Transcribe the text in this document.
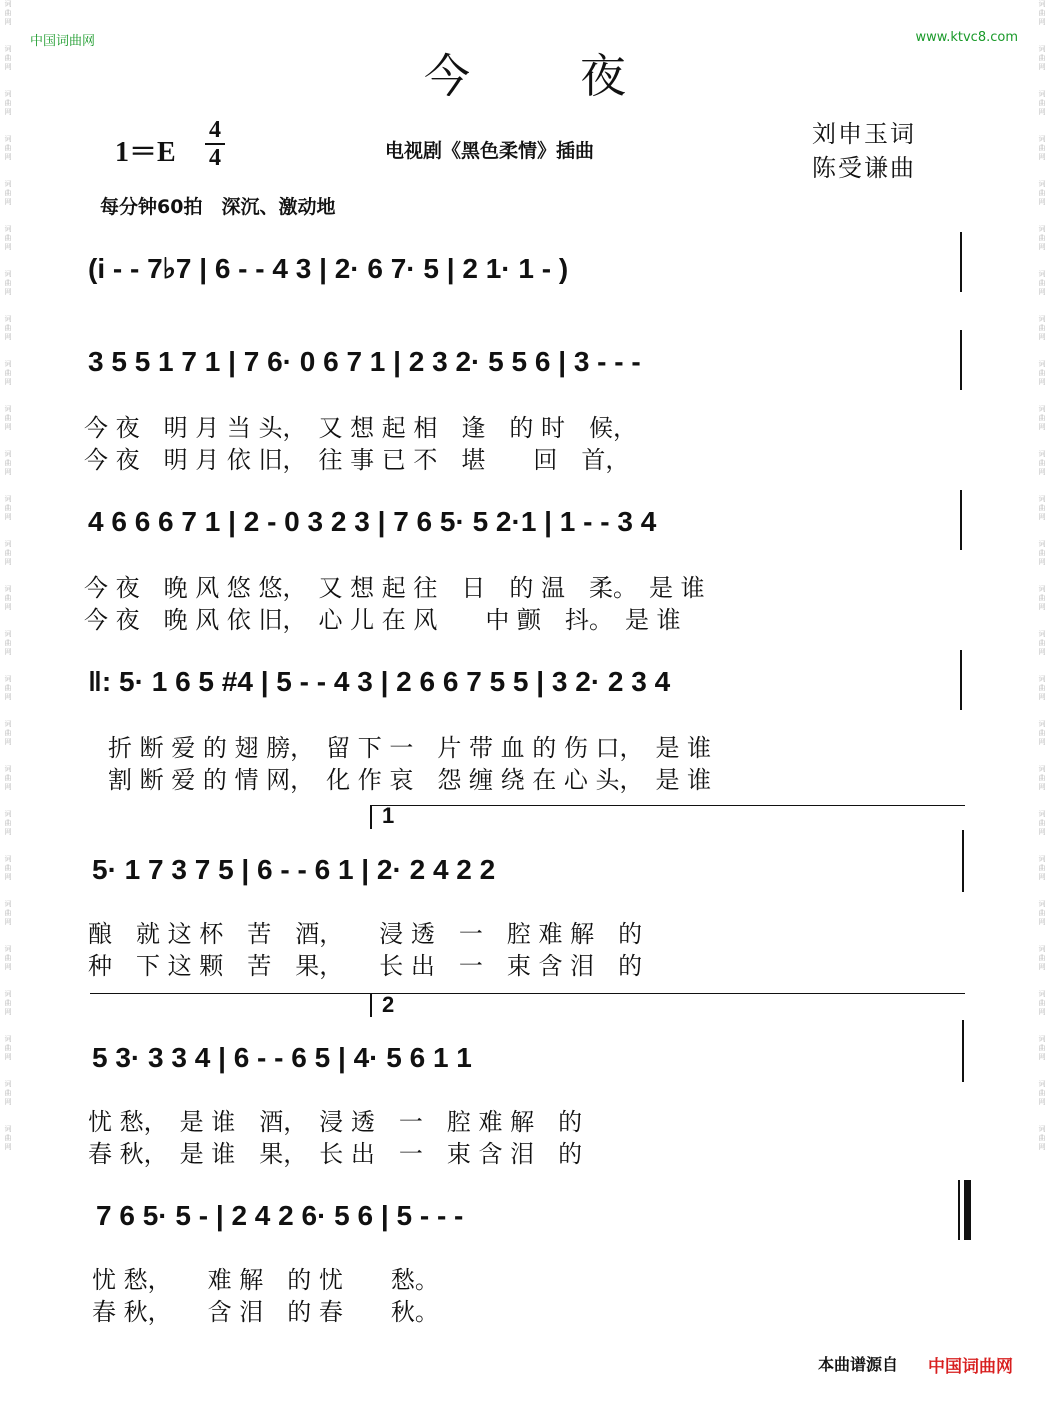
词
曲
网

词
曲
网

词
曲
网

词
曲
网

词
曲
网

词
曲
网

词
曲
网

词
曲
网

词
曲
网

词
曲
网

词
曲
网

词
曲
网

词
曲
网

词
曲
网

词
曲
网

词
曲
网

词
曲
网

词
曲
网

词
曲
网

词
曲
网

词
曲
网

词
曲
网

词
曲
网

词
曲
网

词
曲
网

词
曲
网

词
曲
网

词
曲
网

词
曲
网

词
曲
网

词
曲
网

词
曲
网

词
曲
网

词
曲
网

词
曲
网

词
曲
网

词
曲
网

词
曲
网

词
曲
网

词
曲
网

词
曲
网

词
曲
网

词
曲
网

词
曲
网

词
曲
网

词
曲
网

词
曲
网

词
曲
网

词
曲
网

词
曲
网

词
曲
网

词
曲
网

中国词曲网	www.ktvc8.com
今夜
1＝E
4
4	电视剧《黑色柔情》插曲
刘申玉词
陈受谦曲
每分钟60拍　深沉、激动地
(i - - 7♭7 | 6 - - 4 3 | 2· 6 7· 5 | 2 1· 1 - )
3 5 5 1 7 1 | 7 6· 0 6 7 1 | 2 3 2· 5 5 6 | 3 - - -
今 夜　明 月 当 头，　又 想 起 相　逢　的 时　候，
今 夜　明 月 依 旧，　往 事 已 不　堪　　回　首，
4 6 6 6 7 1 | 2 - 0 3 2 3 | 7 6 5· 5 2·1 | 1 - - 3 4
今 夜　晚 风 悠 悠，　又 想 起 往　日　的 温　柔。　是 谁
今 夜　晚 风 依 旧，　心 儿 在 风　　中 颤　抖。　是 谁
‖: 5· 1 6 5 #4 | 5 - - 4 3 | 2 6 6 7 5 5 | 3 2· 2 3 4
折 断 爱 的 翅 膀，　留 下 一　片 带 血 的 伤 口，　是 谁
割 断 爱 的 情 网，　化 作 哀　怨 缠 绕 在 心 头，　是 谁
1
5· 1 7 3 7 5 | 6 - - 6 1 | 2· 2 4 2 2
酿　就 这 杯　苦　酒，　　浸 透　一　腔 难 解　的
种　下 这 颗　苦　果，　　长 出　一　束 含 泪　的
2
5 3· 3 3 4 | 6 - - 6 5 | 4· 5 6 1 1
忧 愁，　是 谁　酒，　浸 透　一　腔 难 解　的
春 秋，　是 谁　果，　长 出　一　束 含 泪　的
7 6 5· 5 - | 2 4 2 6· 5 6 | 5 - - -
忧 愁，　　难 解　的 忧　　愁。
春 秋，　　含 泪　的 春　　秋。
本曲谱源自 中国词曲网
